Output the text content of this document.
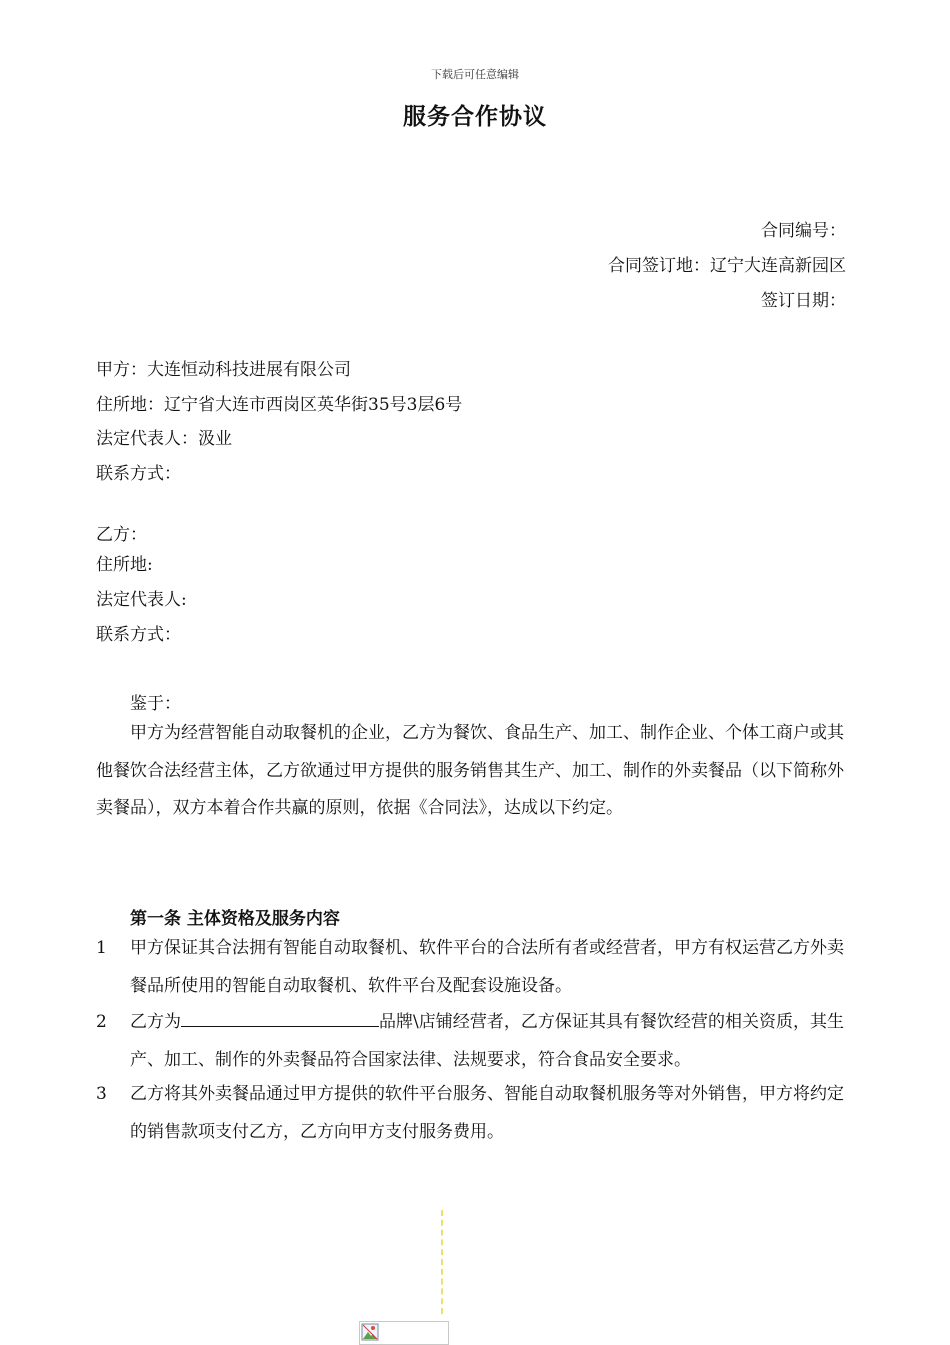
下载后可任意编辑
服务合作协议
合同编号：
合同签订地：辽宁大连高新园区
签订日期：
甲方：大连恒动科技进展有限公司
住所地：辽宁省大连市西岗区英华街35号3层6号
法定代表人：汲业
联系方式：
乙方：
住所地:
法定代表人:
联系方式：
鉴于：
甲方为经营智能自动取餐机的企业，乙方为餐饮、食品生产、加工、制作企业、个体工商户或其他餐饮合法经营主体，乙方欲通过甲方提供的服务销售其生产、加工、制作的外卖餐品（以下简称外卖餐品），双方本着合作共赢的原则，依据《合同法》，达成以下约定。
第一条 主体资格及服务内容
1	甲方保证其合法拥有智能自动取餐机、软件平台的合法所有者或经营者，甲方有权运营乙方外卖餐品所使用的智能自动取餐机、软件平台及配套设施设备。
2	乙方为	品牌\店铺经营者，乙方保证其具有餐饮经营的相关资质，其生产、加工、制作的外卖餐品符合国家法律、法规要求，符合食品安全要求。
3	乙方将其外卖餐品通过甲方提供的软件平台服务、智能自动取餐机服务等对外销售，甲方将约定的销售款项支付乙方，乙方向甲方支付服务费用。
